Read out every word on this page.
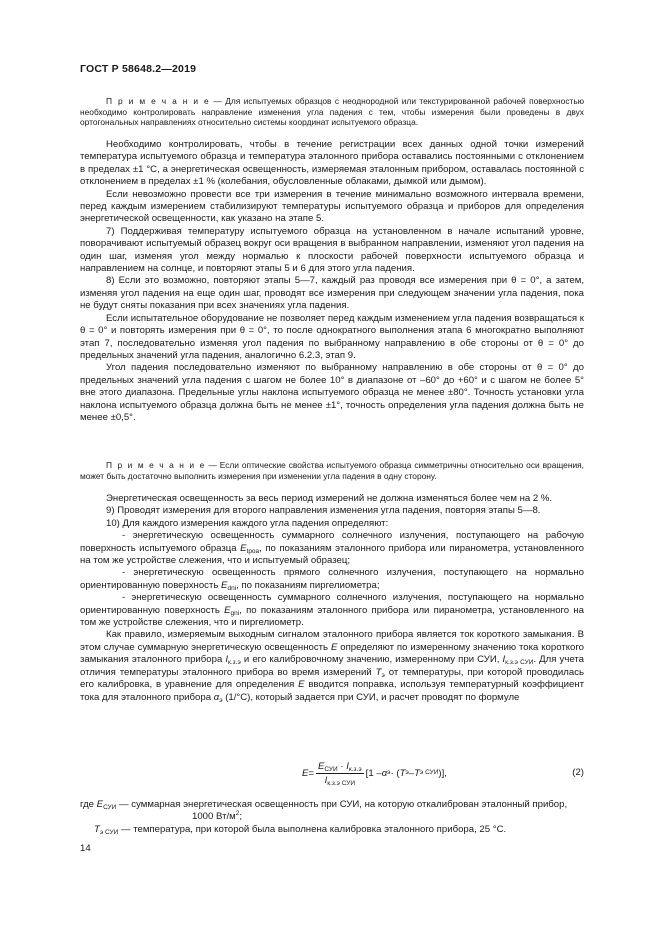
ГОСТ Р 58648.2—2019

П р и м е ч а н и е — Для испытуемых образцов с неоднородной или текстурированной рабочей поверхностью необходимо контролировать направление изменения угла падения с тем, чтобы измерения были проведены в двух ортогональных направлениях относительно системы координат испытуемого образца.

Необходимо контролировать, чтобы в течение регистрации всех данных одной точки измерений температура испытуемого образца и температура эталонного прибора оставались постоянными с отклонением в пределах ±1 °С, а энергетическая освещенность, измеряемая эталонным прибором, оставалась постоянной с отклонением в пределах ±1 % (колебания, обусловленные облаками, дымкой или дымом).

Если невозможно провести все три измерения в течение минимально возможного интервала времени, перед каждым измерением стабилизируют температуры испытуемого образца и приборов для определения энергетической освещенности, как указано на этапе 5.

7) Поддерживая температуру испытуемого образца на установленном в начале испытаний уровне, поворачивают испытуемый образец вокруг оси вращения в выбранном направлении, изменяют угол падения на один шаг, изменяя угол между нормалью к плоскости рабочей поверхности испытуемого образца и направлением на солнце, и повторяют этапы 5 и 6 для этого угла падения.

8) Если это возможно, повторяют этапы 5—7, каждый раз проводя все измерения при θ = 0°, а затем, изменяя угол падения на еще один шаг, проводят все измерения при следующем значении угла падения, пока не будут сняты показания при всех значениях угла падения.

Если испытательное оборудование не позволяет перед каждым изменением угла падения возвращаться к θ = 0° и повторять измерения при θ = 0°, то после однократного выполнения этапа 6 многократно выполняют этап 7, последовательно изменяя угол падения по выбранному направлению в обе стороны от θ = 0° до предельных значений угла падения, аналогично 6.2.3, этап 9.

Угол падения последовательно изменяют по выбранному направлению в обе стороны от θ = 0° до предельных значений угла падения с шагом не более 10° в диапазоне от –60° до +60° и с шагом не более 5° вне этого диапазона. Предельные углы наклона испытуемого образца не менее ±80°. Точность установки угла наклона испытуемого образца должна быть не менее ±1°, точность определения угла падения должна быть не менее ±0,5°.

П р и м е ч а н и е — Если оптические свойства испытуемого образца симметричны относительно оси вращения, может быть достаточно выполнить измерения при изменении угла падения в одну сторону.

Энергетическая освещенность за весь период измерений не должна изменяться более чем на 2 %.

9) Проводят измерения для второго направления изменения угла падения, повторяя этапы 5—8.

10) Для каждого измерения каждого угла падения определяют:

- энергетическую освещенность суммарного солнечного излучения, поступающего на рабочую поверхность испытуемого образца $E_{tpoa}$, по показаниям эталонного прибора или пиранометра, установленного на том же устройстве слежения, что и испытуемый образец;

- энергетическую освещенность прямого солнечного излучения, поступающего на нормально ориентированную поверхность $E_{dni}$, по показаниям пиргелиометра;

- энергетическую освещенность суммарного солнечного излучения, поступающего на нормально ориентированную поверхность $E_{gni}$, по показаниям эталонного прибора или пиранометра, установленного на том же устройстве слежения, что и пиргелиометр.

Как правило, измеряемым выходным сигналом эталонного прибора является ток короткого замыкания. В этом случае суммарную энергетическую освещенность E определяют по измеренному значению тока короткого замыкания эталонного прибора $I_{к.з.э}$ и его калибровочному значению, измеренному при СУИ, $I_{к.з.э СУИ}$. Для учета отличия температуры эталонного прибора во время измерений $T_э$ от температуры, при которой проводилась его калибровка, в уравнение для определения E вводится поправка, используя температурный коэффициент тока для эталонного прибора $\alpha_э$ (1/°С), который задается при СУИ, и расчет проводят по формуле

$E = \frac{E_{СУИ} \cdot I_{к.з.э}}{I_{к.з.э СУИ}} [1 - \alpha$ э · ( T э – T э СУИ )],	(2)
где $E_{СУИ}$ — суммарная энергетическая освещенность при СУИ, на которую откалиброван эталонный прибор, 1000 $Вт/м^2$;
$T_{э СУИ}$ — температура, при которой была выполнена калибровка эталонного прибора, 25 °С.
14
